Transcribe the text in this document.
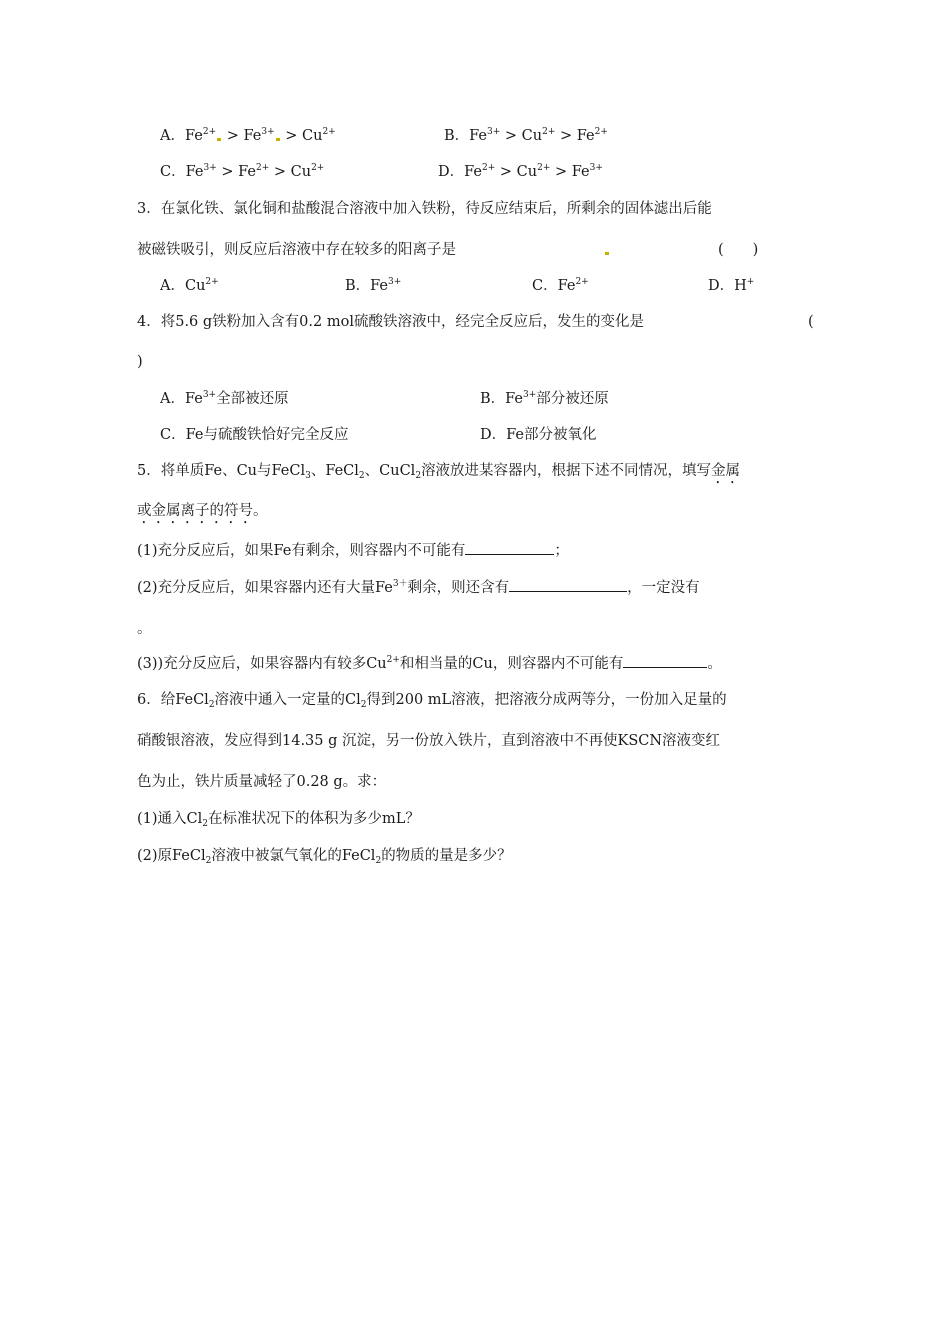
A．$Fe^{2+} > Fe^{3+} > Cu^{2+}$	B．$Fe^{3+} > Cu^{2+} > Fe^{2+}$
C．$Fe^{3+} > Fe^{2+} > Cu^{2+}$	D．$Fe^{2+} > Cu^{2+} > Fe^{3+}$
3．在氯化铁、氯化铜和盐酸混合溶液中加入铁粉，待反应结束后，所剩余的固体滤出后能
被磁铁吸引，则反应后溶液中存在较多的阳离子是	(　　)
A．$Cu^{2+}$	B．$Fe^{3+}$	C．$Fe^{2+}$	D．H+
4．将5.6 g铁粉加入含有0.2 mol硫酸铁溶液中，经完全反应后，发生的变化是	(
)
A．$Fe^{3+}$全部被还原	B．$Fe^{3+}$部分被还原
C．Fe与硫酸铁恰好完全反应	D．Fe部分被氧化
5．将单质Fe、Cu与FeCl$_3$、FeCl$_2$、CuCl$_2$溶液放进某容器内，根据下述不同情况，填写金属
或金属离子的符号。
(1)充分反应后，如果Fe有剩余，则容器内不可能有	；
(2)充分反应后，如果容器内还有大量$Fe^{3+}$剩余，则还含有	，一定没有
。
(3))充分反应后，如果容器内有较多$Cu^{2+}$和相当量的Cu，则容器内不可能有	。
6．给FeCl$_2$溶液中通入一定量的$Cl_2$得到200 mL溶液，把溶液分成两等分，一份加入足量的
硝酸银溶液，发应得到14.35 g 沉淀，另一份放入铁片，直到溶液中不再使KSCN溶液变红
色为止，铁片质量减轻了0.28 g。求：
(1)通入$Cl_2$在标准状况下的体积为多少mL？
(2)原FeCl$_2$溶液中被氯气氧化的FeCl$_2$的物质的量是多少？
